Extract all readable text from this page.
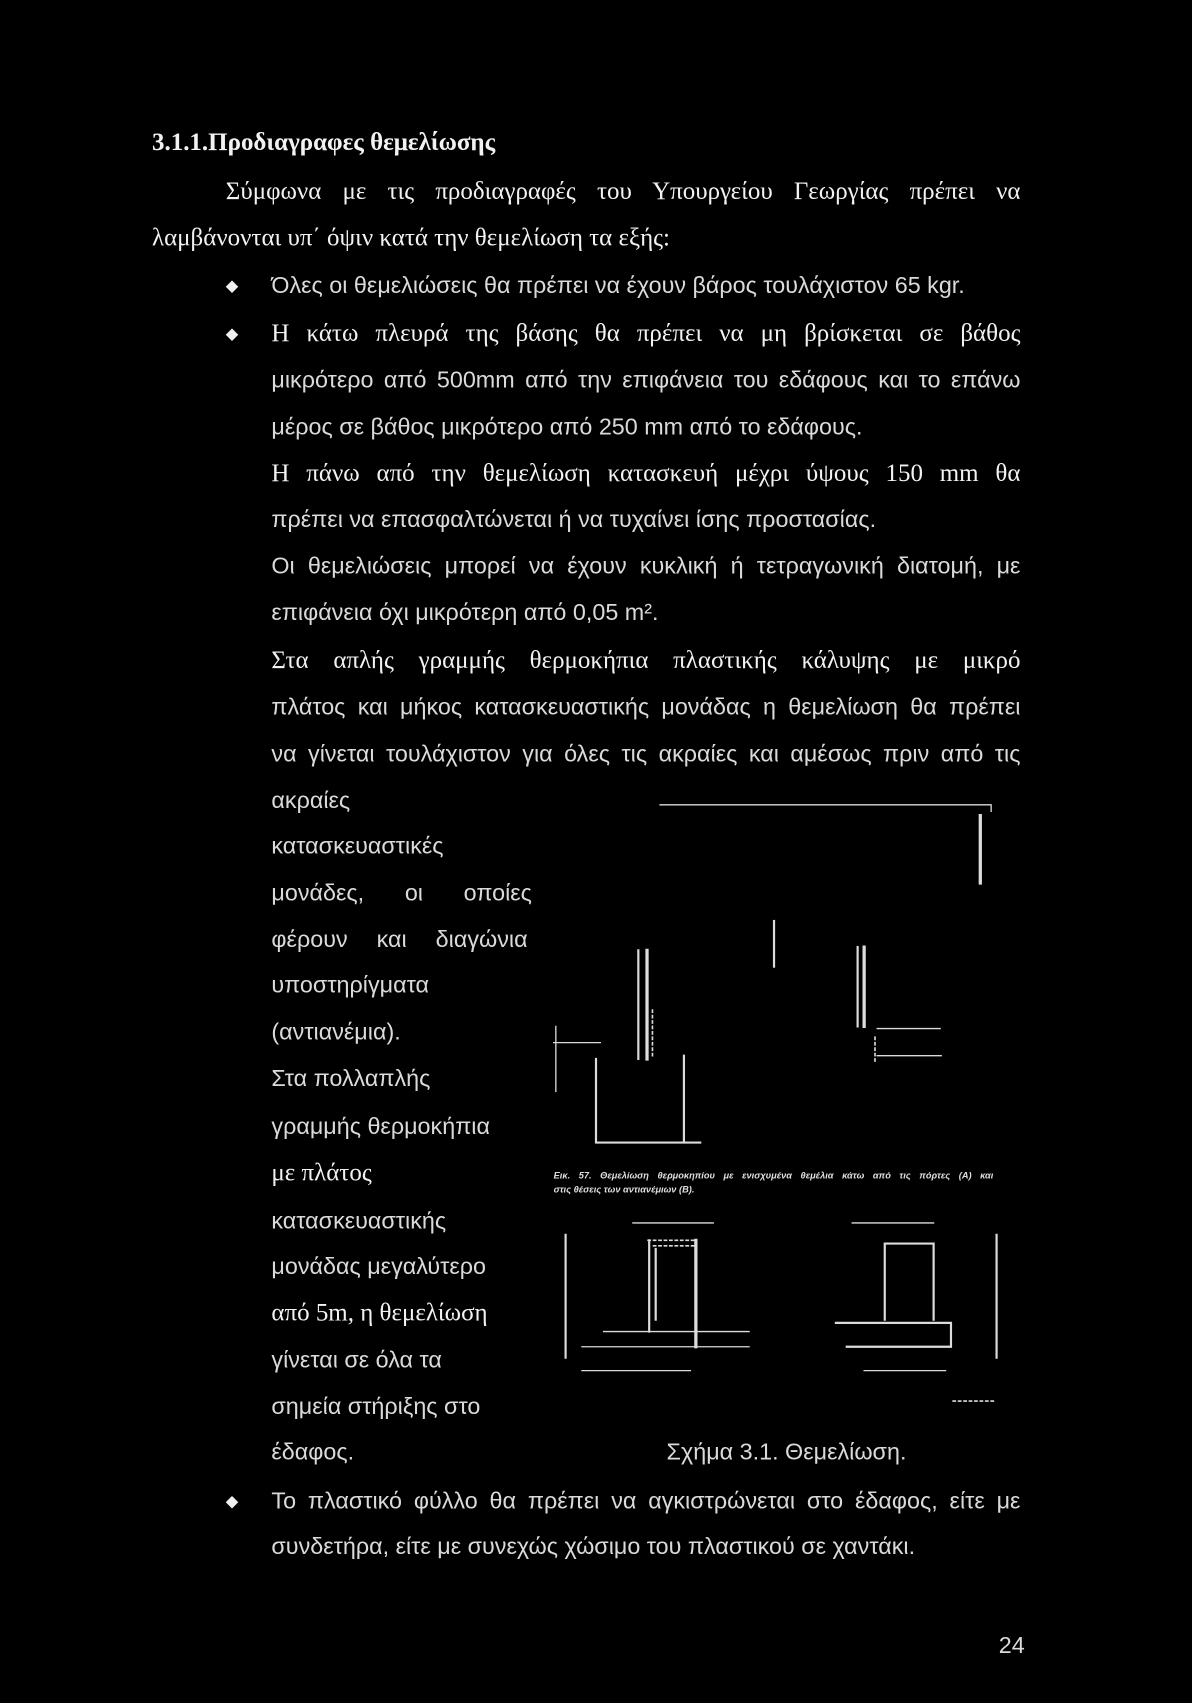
3.1.1.Προδιαγραφες θεμελίωσης
Σύμφωνα με τις προδιαγραφές του Υπουργείου Γεωργίας πρέπει να
λαμβάνονται υπ΄ όψιν κατά την θεμελίωση τα εξής:
◆ Όλες οι θεμελιώσεις θα πρέπει να έχουν βάρος τουλάχιστον 65 kgr.
◆ Η κάτω πλευρά της βάσης θα πρέπει να μη βρίσκεται σε βάθος
μικρότερο από 500mm από την επιφάνεια του εδάφους και το επάνω
μέρος σε βάθος μικρότερο από 250 mm από το εδάφους.
Η πάνω από την θεμελίωση κατασκευή μέχρι ύψους 150 mm θα
πρέπει να επασφαλτώνεται ή να τυχαίνει ίσης προστασίας.
Οι θεμελιώσεις μπορεί να έχουν κυκλική ή τετραγωνική διατομή, με
επιφάνεια όχι μικρότερη από 0,05 m².
Στα απλής γραμμής θερμοκήπια πλαστικής κάλυψης με μικρό
πλάτος και μήκος κατασκευαστικής μονάδας η θεμελίωση θα πρέπει
να γίνεται τουλάχιστον για όλες τις ακραίες και αμέσως πριν από τις
ακραίες
κατασκευαστικές
μονάδες, οι οποίες
φέρουν και διαγώνια
υποστηρίγματα
(αντιανέμια).
Στα πολλαπλής
γραμμής θερμοκήπια
με πλάτος
κατασκευαστικής
μονάδας μεγαλύτερο
από 5m, η θεμελίωση
γίνεται σε όλα τα
σημεία στήριξης στο
έδαφος.
Εικ. 57. Θεμελίωση θερμοκηπίου με ενισχυμένα θεμέλια κάτω από τις πόρτες (Α) και
στις θέσεις των αντιανέμιων (Β).
Σχήμα 3.1. Θεμελίωση.
◆ Το πλαστικό φύλλο θα πρέπει να αγκιστρώνεται στο έδαφος, είτε με
συνδετήρα, είτε με συνεχώς χώσιμο του πλαστικού σε χαντάκι.
24
